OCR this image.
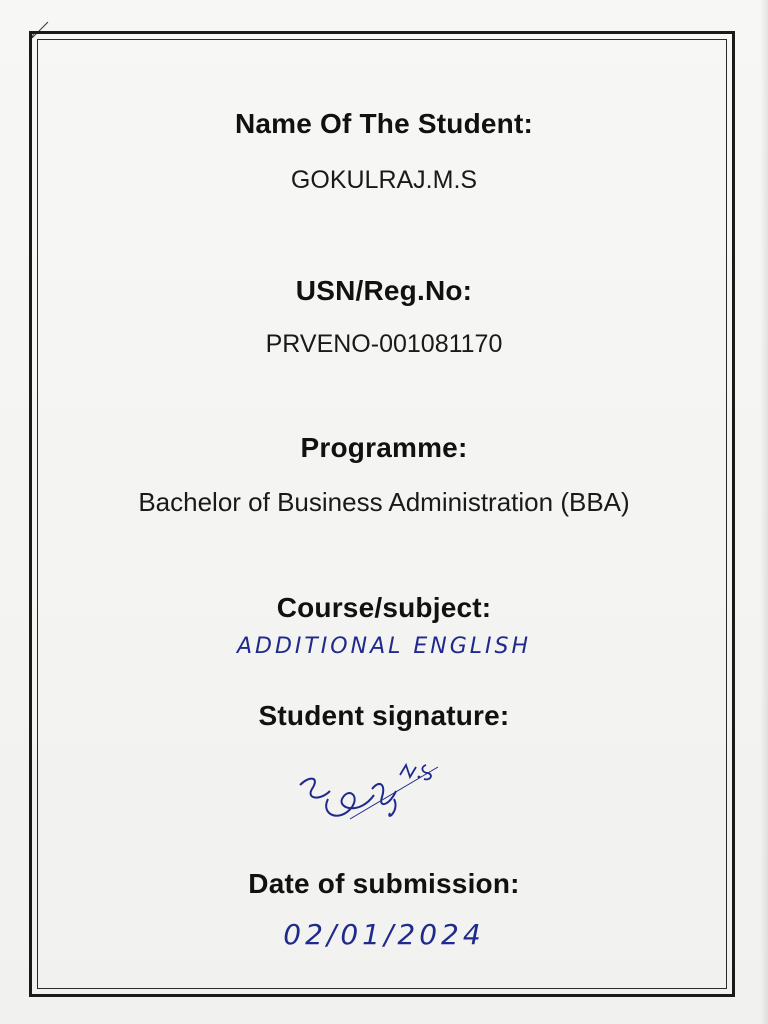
Name Of The Student:
GOKULRAJ.M.S
USN/Reg.No:
PRVENO-001081170
Programme:
Bachelor of Business Administration (BBA)
Course/subject:
ADDITIONAL ENGLISH
Student signature:
Date of submission:
02/01/2024
